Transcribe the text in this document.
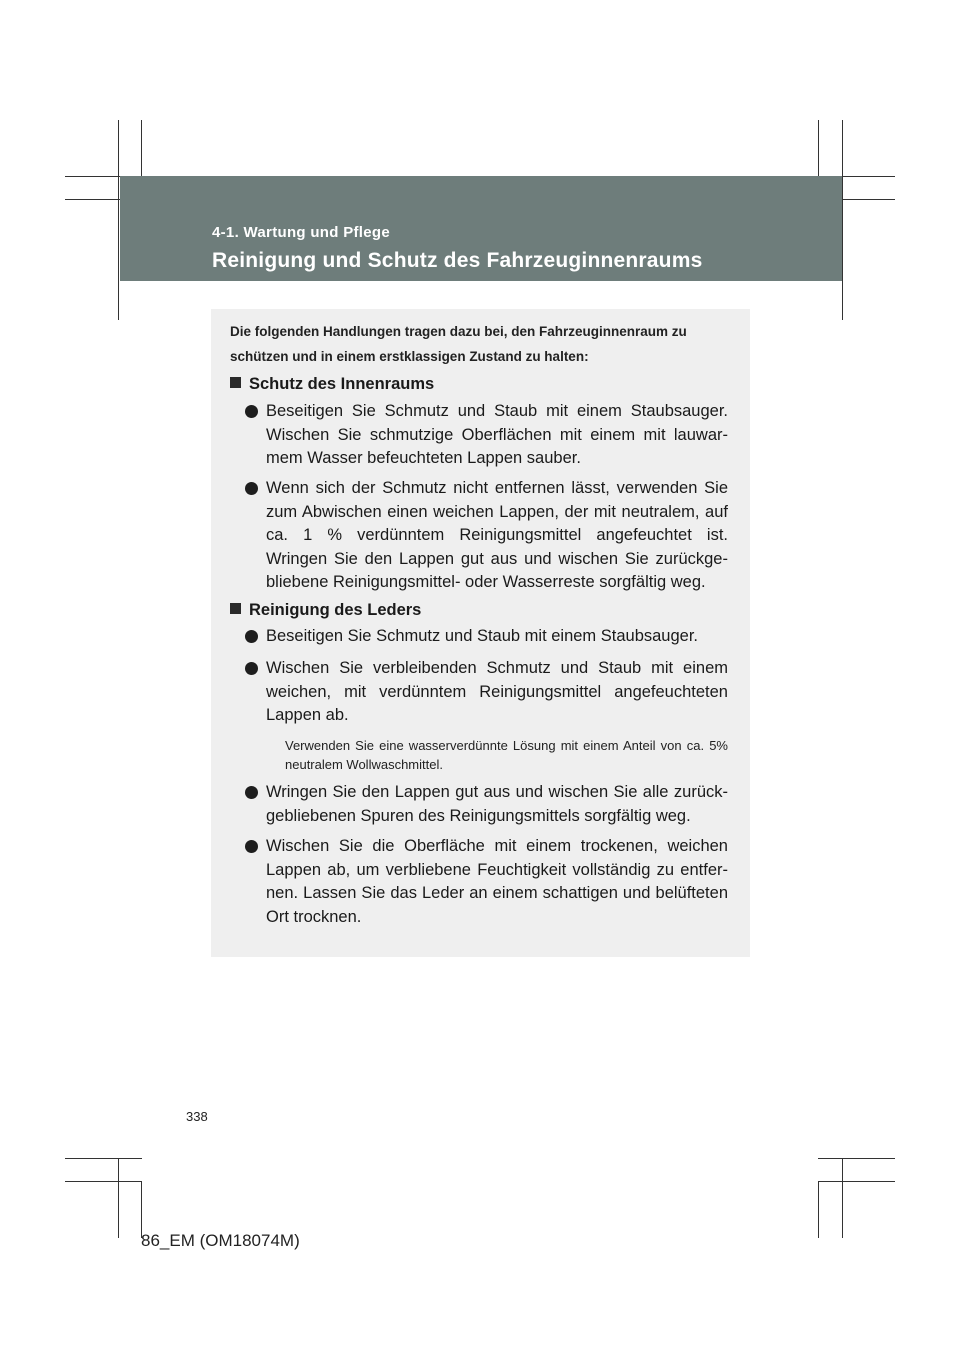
4-1. Wartung und Pflege
Reinigung und Schutz des Fahrzeuginnenraums
Die folgenden Handlungen tragen dazu bei, den Fahrzeuginnenraum zu schützen und in einem erstklassigen Zustand zu halten:
Schutz des Innenraums
Beseitigen Sie Schmutz und Staub mit einem Staubsauger. Wischen Sie schmutzige Oberflächen mit einem mit lauwarmem Wasser befeuchteten Lappen sauber.
Wenn sich der Schmutz nicht entfernen lässt, verwenden Sie zum Abwischen einen weichen Lappen, der mit neutralem, auf ca. 1 % verdünntem Reinigungsmittel angefeuchtet ist. Wringen Sie den Lappen gut aus und wischen Sie zurückgebliebene Reinigungsmittel- oder Wasserreste sorgfältig weg.
Reinigung des Leders
Beseitigen Sie Schmutz und Staub mit einem Staubsauger.
Wischen Sie verbleibenden Schmutz und Staub mit einem weichen, mit verdünntem Reinigungsmittel angefeuchteten Lappen ab.
Verwenden Sie eine wasserverdünnte Lösung mit einem Anteil von ca. 5% neutralem Wollwaschmittel.
Wringen Sie den Lappen gut aus und wischen Sie alle zurückgebliebenen Spuren des Reinigungsmittels sorgfältig weg.
Wischen Sie die Oberfläche mit einem trockenen, weichen Lappen ab, um verbliebene Feuchtigkeit vollständig zu entfernen. Lassen Sie das Leder an einem schattigen und belüfteten Ort trocknen.
338
86_EM (OM18074M)
